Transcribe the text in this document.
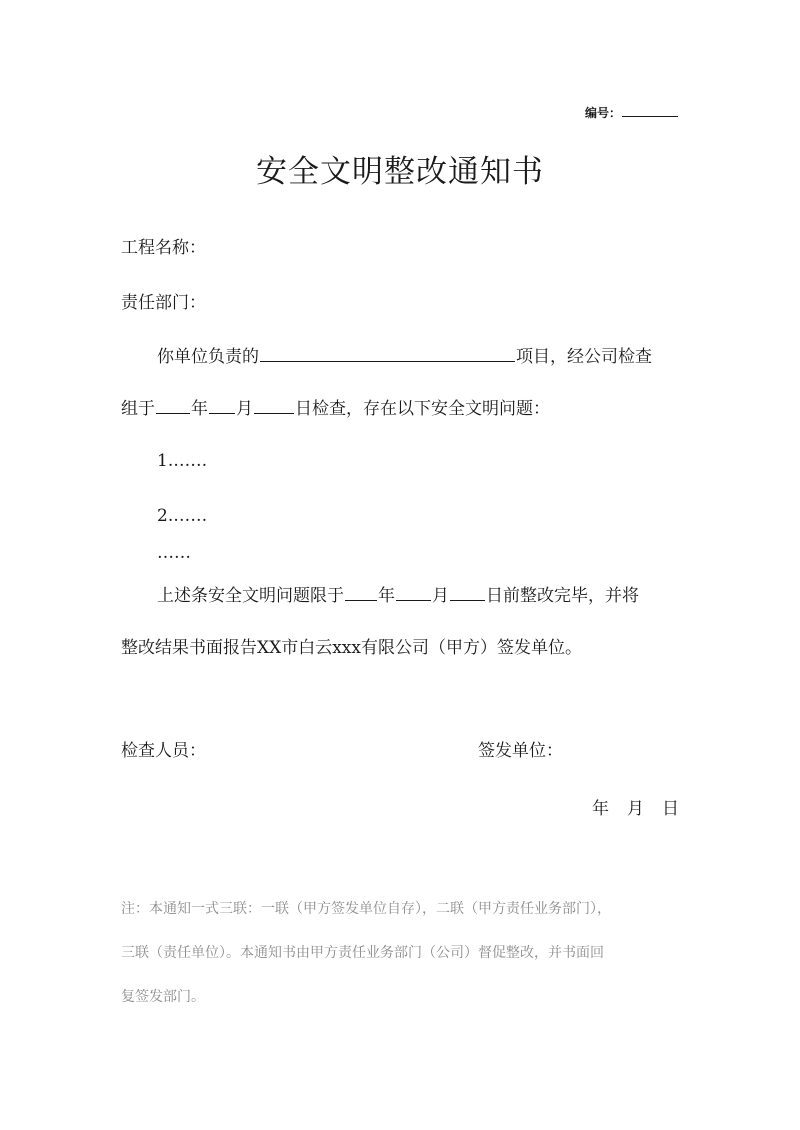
编号：
安全文明整改通知书
工程名称：
责任部门：
你单位负责的	项目，经公司检查
组于 年 月 日检查，存在以下安全文明问题：
1.……
2.……
……
上述条安全文明问题限于 年 月 日前整改完毕，并将
整改结果书面报告XX市白云xxx有限公司（甲方）签发单位。
检查人员：	签发单位：
年 月 日
注：本通知一式三联：一联（甲方签发单位自存），二联（甲方责任业务部门），
三联（责任单位）。本通知书由甲方责任业务部门（公司）督促整改，并书面回
复签发部门。
